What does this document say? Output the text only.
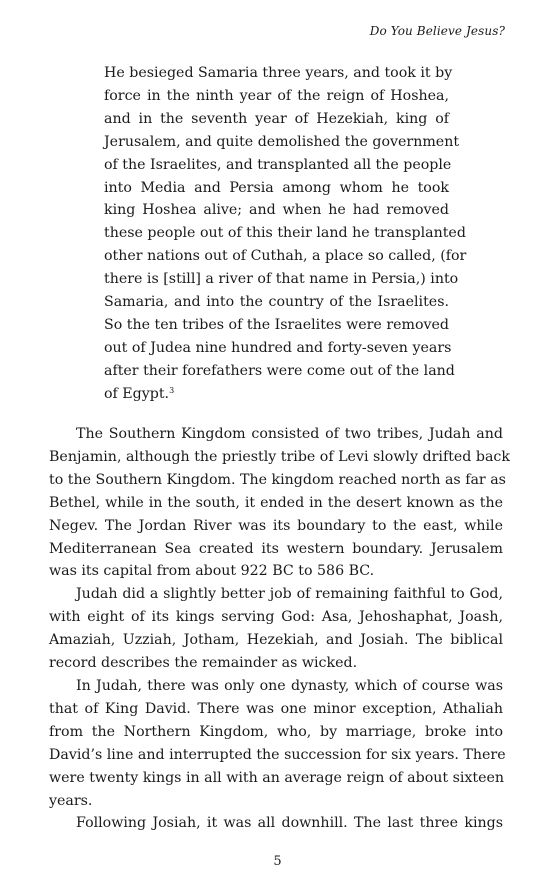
Do You Believe Jesus?
He besieged Samaria three years, and took it by
force in the ninth year of the reign of Hoshea,
and in the seventh year of Hezekiah, king of
Jerusalem, and quite demolished the government
of the Israelites, and transplanted all the people
into Media and Persia among whom he took
king Hoshea alive; and when he had removed
these people out of this their land he transplanted
other nations out of Cuthah, a place so called, (for
there is [still] a river of that name in Persia,) into
Samaria, and into the country of the Israelites.
So the ten tribes of the Israelites were removed
out of Judea nine hundred and forty-seven years
after their forefathers were come out of the land
of Egypt.$^3$
The Southern Kingdom consisted of two tribes, Judah and
Benjamin, although the priestly tribe of Levi slowly drifted back
to the Southern Kingdom. The kingdom reached north as far as
Bethel, while in the south, it ended in the desert known as the
Negev. The Jordan River was its boundary to the east, while
Mediterranean Sea created its western boundary. Jerusalem
was its capital from about 922 BC to 586 BC.
Judah did a slightly better job of remaining faithful to God,
with eight of its kings serving God: Asa, Jehoshaphat, Joash,
Amaziah, Uzziah, Jotham, Hezekiah, and Josiah. The biblical
record describes the remainder as wicked.
In Judah, there was only one dynasty, which of course was
that of King David. There was one minor exception, Athaliah
from the Northern Kingdom, who, by marriage, broke into
David’s line and interrupted the succession for six years. There
were twenty kings in all with an average reign of about sixteen
years.
Following Josiah, it was all downhill. The last three kings
5
